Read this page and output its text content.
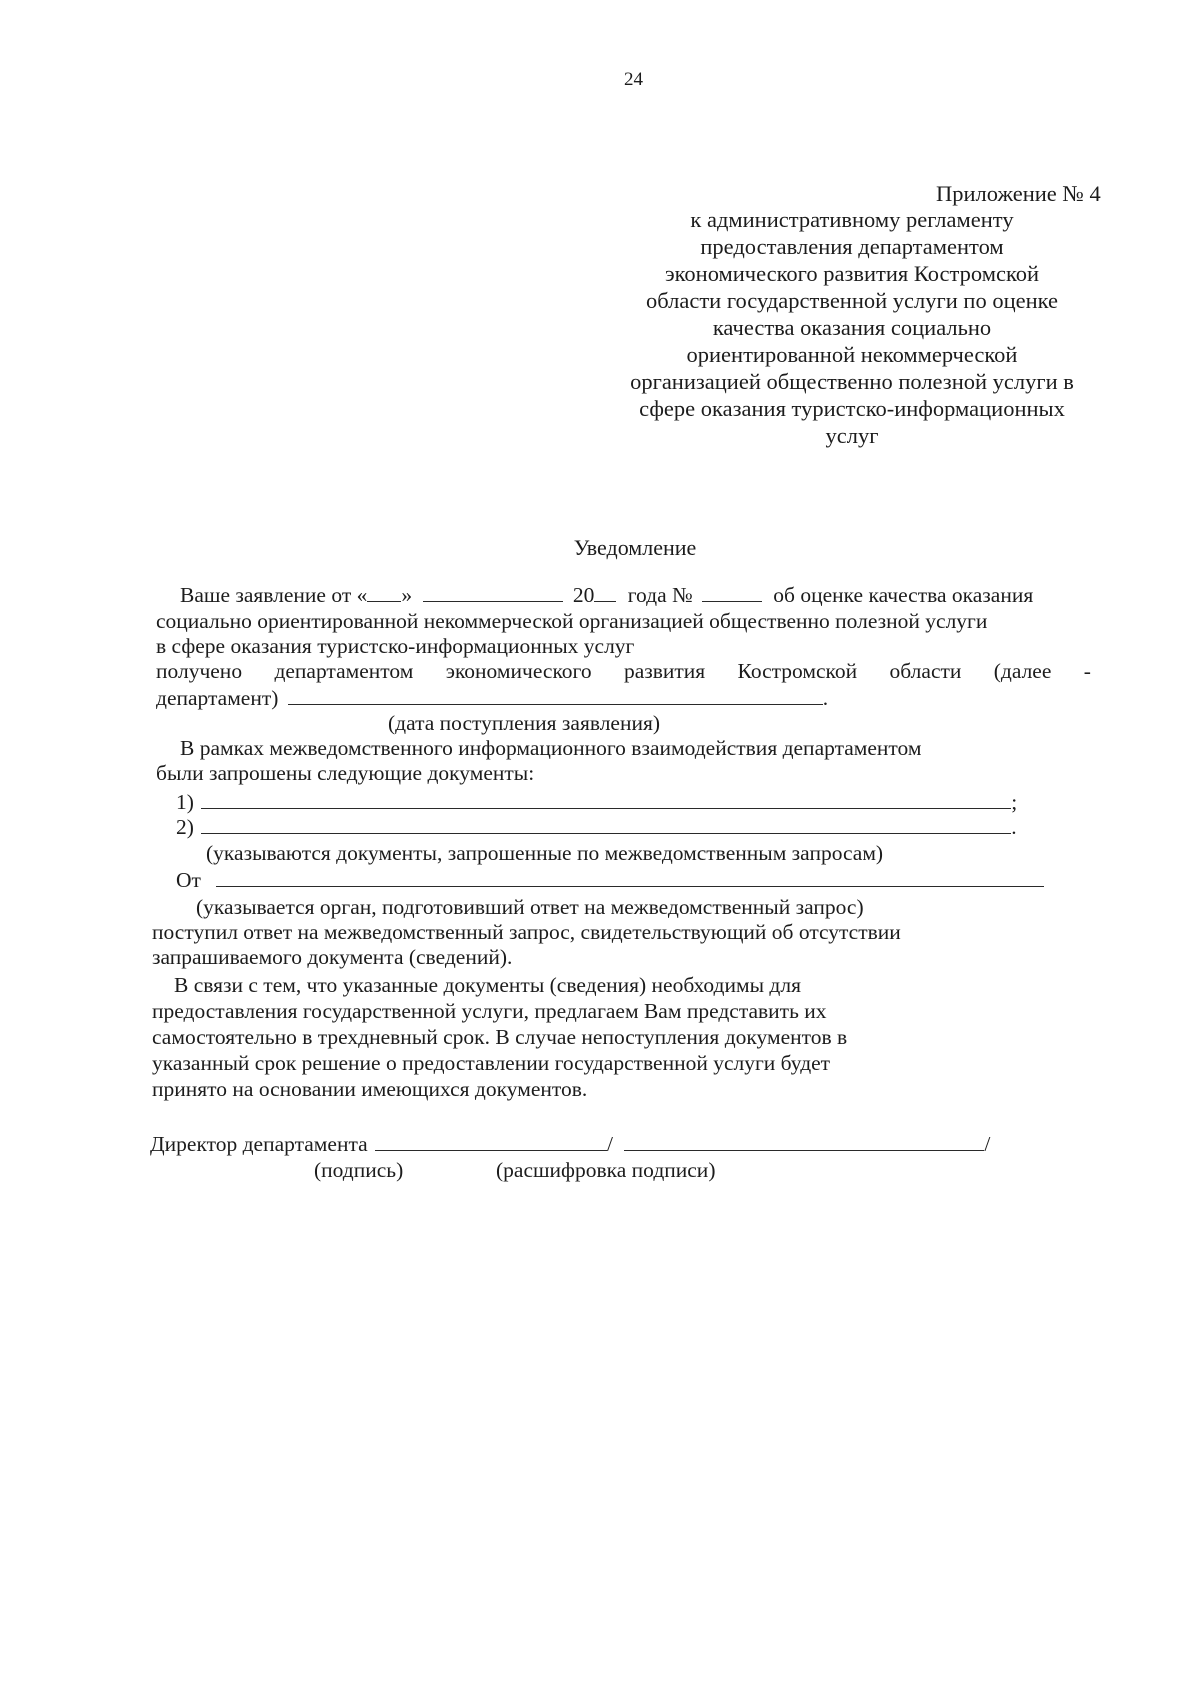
24
Приложение № 4
к административному регламенту
предоставления департаментом
экономического развития Костромской
области государственной услуги по оценке
качества оказания социально
ориентированной некоммерческой
организацией общественно полезной услуги в
сфере оказания туристско-информационных
услуг
Уведомление
Ваше заявление от « »	20 года №	об оценке качества оказания
социально ориентированной некоммерческой организацией общественно полезной услуги
в сфере оказания туристско-информационных услуг
получено департаментом экономического развития Костромской области (далее -
департамент)	.
(дата поступления заявления)
В рамках межведомственного информационного взаимодействия департаментом
были запрошены следующие документы:
1)	;
2)	.
(указываются документы, запрошенные по межведомственным запросам)
От
(указывается орган, подготовивший ответ на межведомственный запрос)
поступил ответ на межведомственный запрос, свидетельствующий об отсутствии
запрашиваемого документа (сведений).
В связи с тем, что указанные документы (сведения) необходимы для
предоставления государственной услуги, предлагаем Вам представить их
самостоятельно в трехдневный срок. В случае непоступления документов в
указанный срок решение о предоставлении государственной услуги будет
принято на основании имеющихся документов.
Директор департамента	/	/
(подпись)	(расшифровка подписи)
